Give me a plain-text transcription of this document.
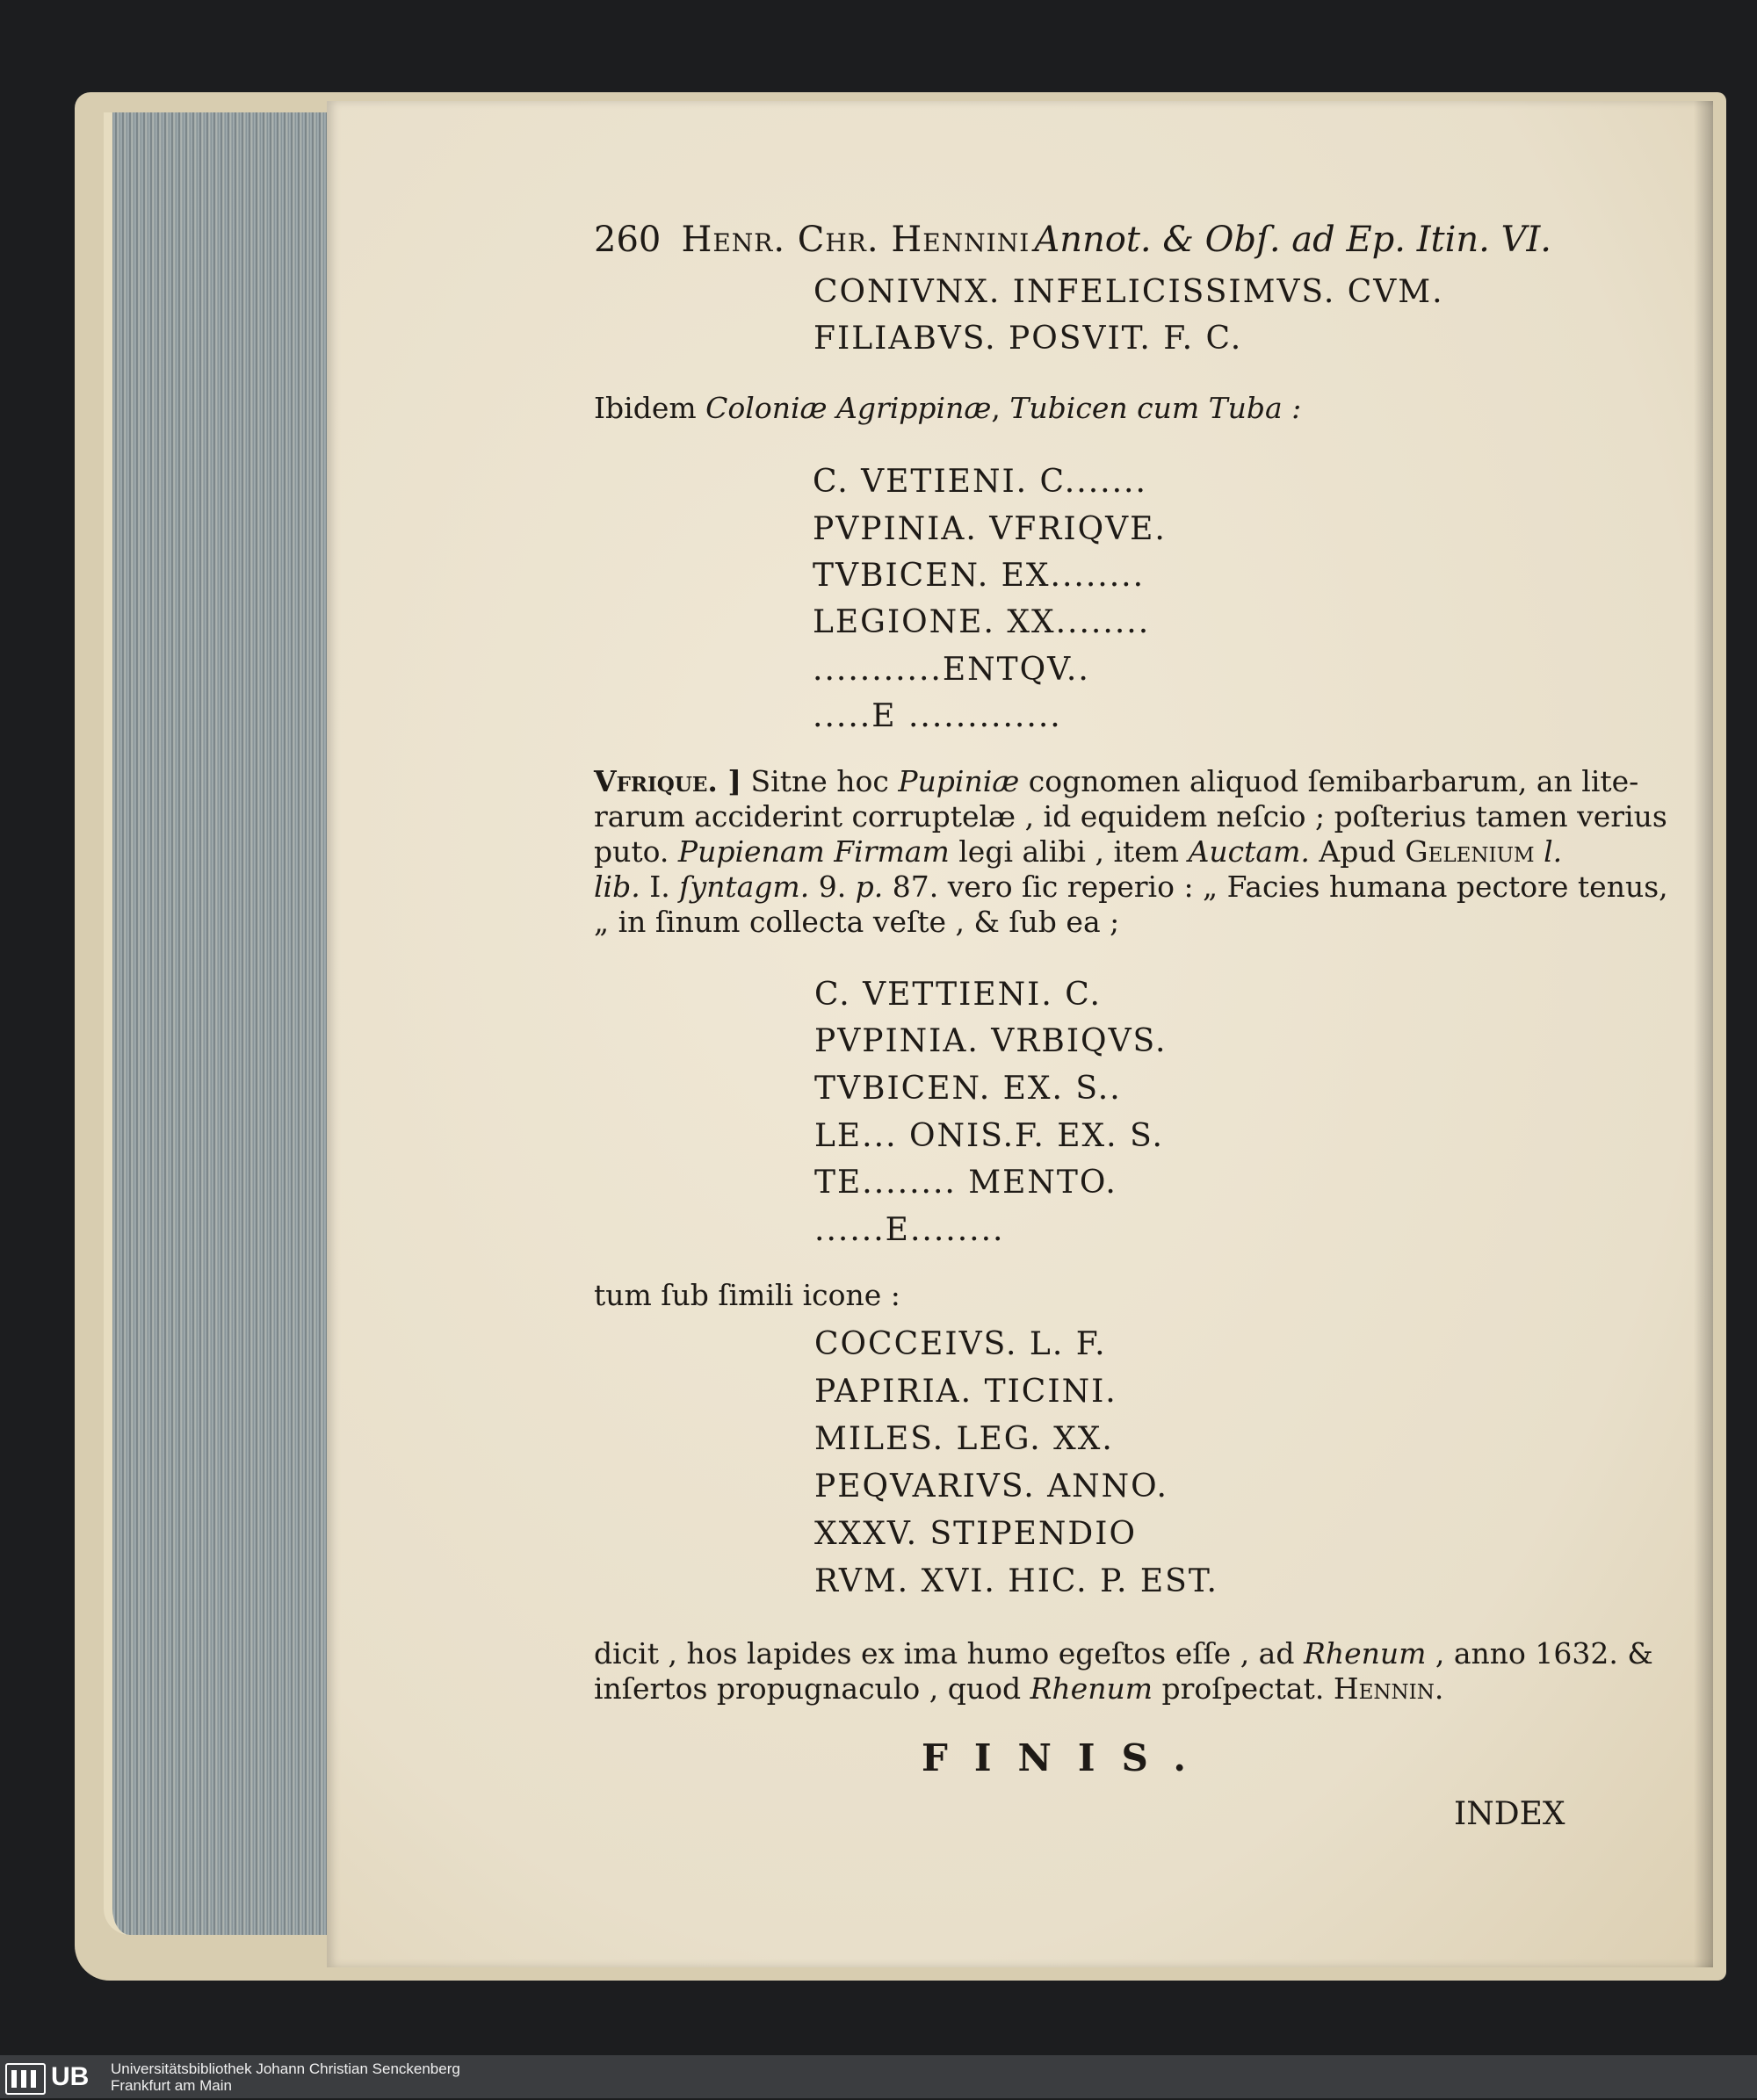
260 Henr. Chr. Hennini Annot. & Obſ. ad Ep. Itin. VI.
CONIVNX. INFELICISSIMVS. CVM.
FILIABVS. POSVIT. F. C.
Ibidem Coloniæ Agrippinæ, Tubicen cum Tuba :
C. VETIENI. C.......
PVPINIA. VFRIQVE.
TVBICEN. EX........
LEGIONE. XX........
...........ENTQV..
.....E .............
Vfrique. ] Sitne hoc Pupiniæ cognomen aliquod ſemibarbarum, an lite-
rarum acciderint corruptelæ , id equidem neſcio ; poſterius tamen verius
puto. Pupienam Firmam legi alibi , item Auctam. Apud Gelenium l.
lib. I. ſyntagm. 9. p. 87. vero ſic reperio : „ Facies humana pectore tenus,
„ in ſinum collecta veſte , & ſub ea ;
C. VETTIENI. C.
PVPINIA. VRBIQVS.
TVBICEN. EX. S..
LE... ONIS.F. EX. S.
TE........ MENTO.
......E........
tum ſub ſimili icone :
COCCEIVS. L. F.
PAPIRIA. TICINI.
MILES. LEG. XX.
PEQVARIVS. ANNO.
XXXV. STIPENDIO
RVM. XVI. HIC. P. EST.
dicit , hos lapides ex ima humo egeſtos eſſe , ad Rhenum , anno 1632. &
inſertos propugnaculo , quod Rhenum proſpectat. Hennin.
FINIS.
INDEX
UB Universitätsbibliothek Johann Christian Senckenberg
Frankfurt am Main
